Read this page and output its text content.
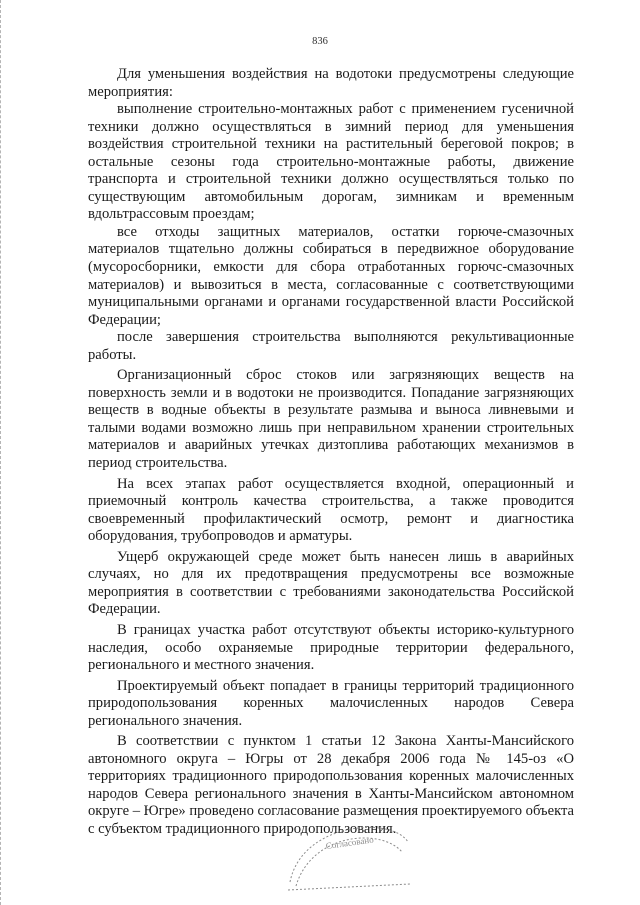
836

Для уменьшения воздействия на водотоки предусмотрены следующие мероприятия:

выполнение строительно-монтажных работ с применением гусеничной техники должно осуществляться в зимний период для уменьшения воздействия строительной техники на растительный береговой покров; в остальные сезоны года строительно-монтажные работы, движение транспорта и строительной техники должно осуществляться только по существующим автомобильным дорогам, зимникам и временным вдольтрассовым проездам;

все отходы защитных материалов, остатки горюче-смазочных материалов тщательно должны собираться в передвижное оборудование (мусоросборники, емкости для сбора отработанных горючс-смазочных материалов) и вывозиться в места, согласованные с соответствующими муниципальными органами и органами государственной власти Российской Федерации;

после завершения строительства выполняются рекультивационные работы.

Организационный сброс стоков или загрязняющих веществ на поверхность земли и в водотоки не производится. Попадание загрязняющих веществ в водные объекты в результате размыва и выноса ливневыми и талыми водами возможно лишь при неправильном хранении строительных материалов и аварийных утечках дизтоплива работающих механизмов в период строительства.

На всех этапах работ осуществляется входной, операционный и приемочный контроль качества строительства, а также проводится своевременный профилактический осмотр, ремонт и диагностика оборудования, трубопроводов и арматуры.

Ущерб окружающей среде может быть нанесен лишь в аварийных случаях, но для их предотвращения предусмотрены все возможные мероприятия в соответствии с требованиями законодательства Российской Федерации.

В границах участка работ отсутствуют объекты историко-культурного наследия, особо охраняемые природные территории федерального, регионального и местного значения.

Проектируемый объект попадает в границы территорий традиционного природопользования коренных малочисленных народов Севера регионального значения.

В соответствии с пунктом 1 статьи 12 Закона Ханты-Мансийского автономного округа – Югры от 28 декабря 2006 года № 145-оз «О территориях традиционного природопользования коренных малочисленных народов Севера регионального значения в Ханты-Мансийском автономном округе – Югре» проведено согласование размещения проектируемого объекта с субъектом традиционного природопользования.

Согласовано
